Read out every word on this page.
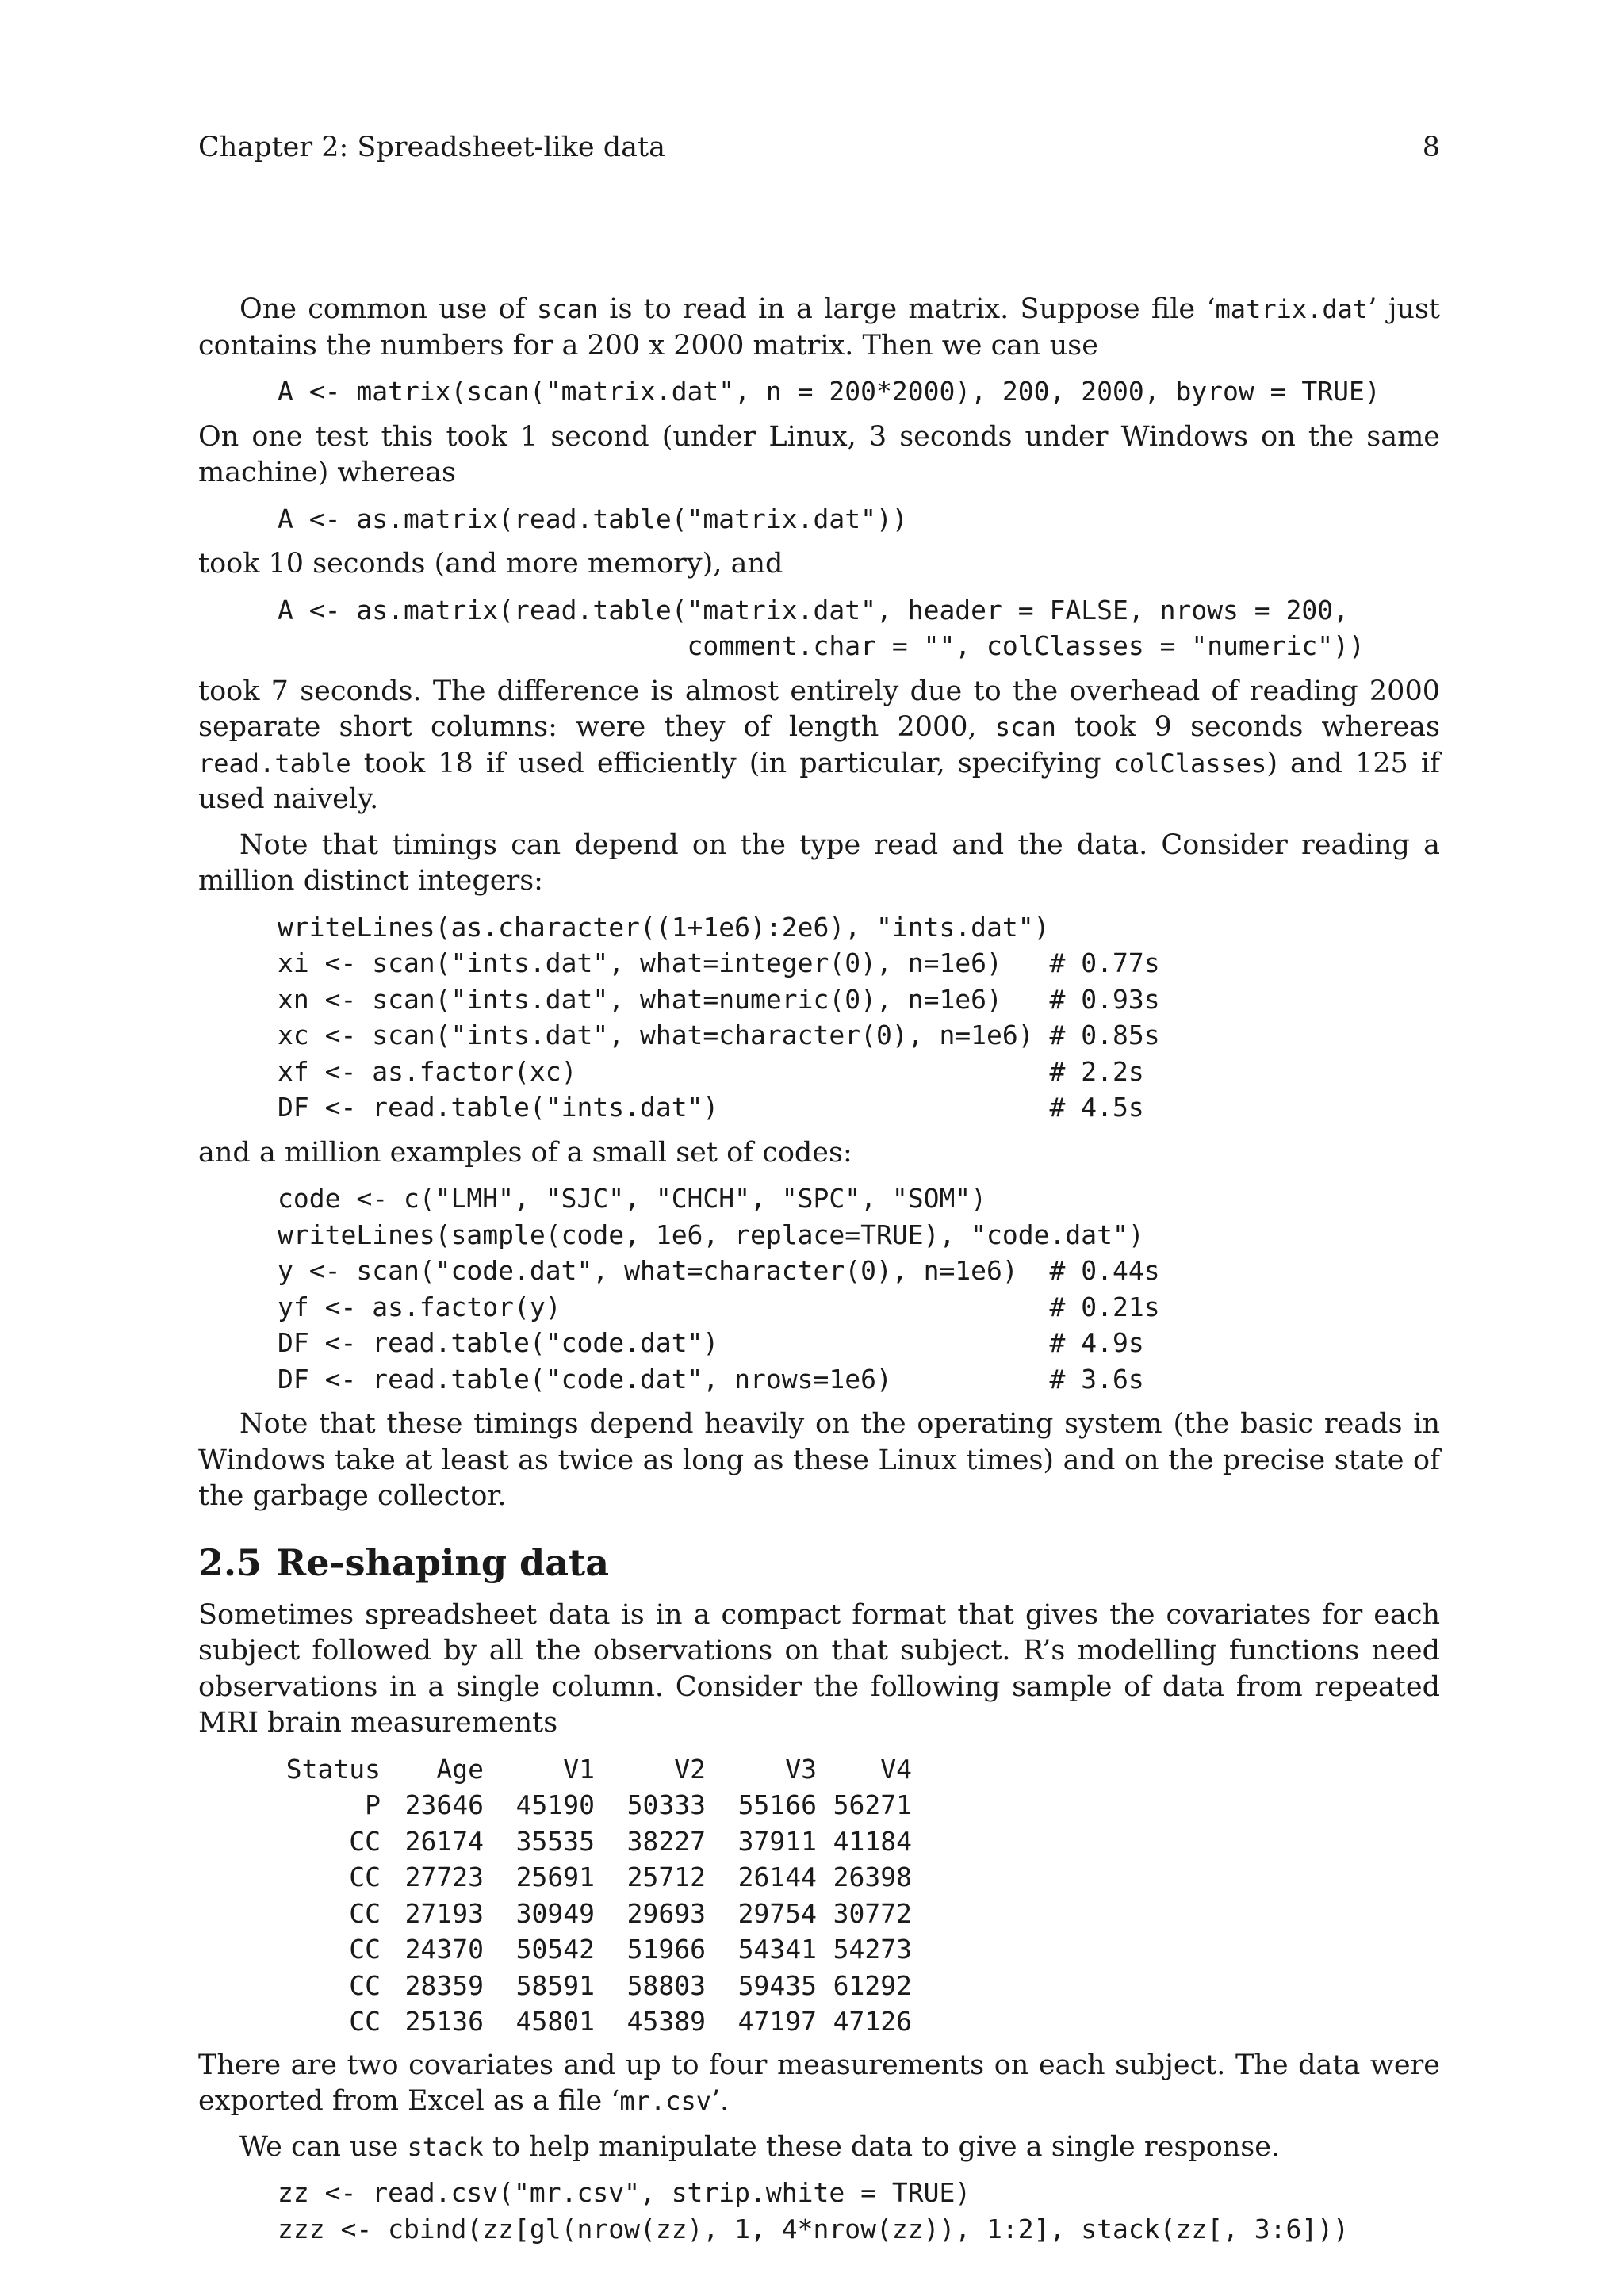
Chapter 2: Spreadsheet-like data	8

One common use of scan is to read in a large matrix. Suppose file ‘matrix.dat’ just contains the numbers for a 200 x 2000 matrix. Then we can use

A <- matrix(scan("matrix.dat", n = 200*2000), 200, 2000, byrow = TRUE)

On one test this took 1 second (under Linux, 3 seconds under Windows on the same machine) whereas

A <- as.matrix(read.table("matrix.dat"))

took 10 seconds (and more memory), and

A <- as.matrix(read.table("matrix.dat", header = FALSE, nrows = 200,
comment.char = "", colClasses = "numeric"))

took 7 seconds. The difference is almost entirely due to the overhead of reading 2000 separate short columns: were they of length 2000, scan took 9 seconds whereas read.table took 18 if used efficiently (in particular, specifying colClasses) and 125 if used naively.

Note that timings can depend on the type read and the data. Consider reading a million distinct integers:

writeLines(as.character((1+1e6):2e6), "ints.dat")
xi <- scan("ints.dat", what=integer(0), n=1e6)   # 0.77s
xn <- scan("ints.dat", what=numeric(0), n=1e6)   # 0.93s
xc <- scan("ints.dat", what=character(0), n=1e6) # 0.85s
xf <- as.factor(xc)                              # 2.2s
DF <- read.table("ints.dat")                     # 4.5s

and a million examples of a small set of codes:

code <- c("LMH", "SJC", "CHCH", "SPC", "SOM")
writeLines(sample(code, 1e6, replace=TRUE), "code.dat")
y <- scan("code.dat", what=character(0), n=1e6)  # 0.44s
yf <- as.factor(y)                               # 0.21s
DF <- read.table("code.dat")                     # 4.9s
DF <- read.table("code.dat", nrows=1e6)          # 3.6s

Note that these timings depend heavily on the operating system (the basic reads in Windows take at least as twice as long as these Linux times) and on the precise state of the garbage collector.

2.5 Re-shaping data

Sometimes spreadsheet data is in a compact format that gives the covariates for each subject followed by all the observations on that subject. R’s modelling functions need observations in a single column. Consider the following sample of data from repeated MRI brain measurements

Status	Age	V1	V2	V3	V4
P	23646	45190	50333	55166	56271
CC	26174	35535	38227	37911	41184
CC	27723	25691	25712	26144	26398
CC	27193	30949	29693	29754	30772
CC	24370	50542	51966	54341	54273
CC	28359	58591	58803	59435	61292
CC	25136	45801	45389	47197	47126

There are two covariates and up to four measurements on each subject. The data were exported from Excel as a file ‘mr.csv’.

We can use stack to help manipulate these data to give a single response.

zz <- read.csv("mr.csv", strip.white = TRUE)
zzz <- cbind(zz[gl(nrow(zz), 1, 4*nrow(zz)), 1:2], stack(zz[, 3:6]))
